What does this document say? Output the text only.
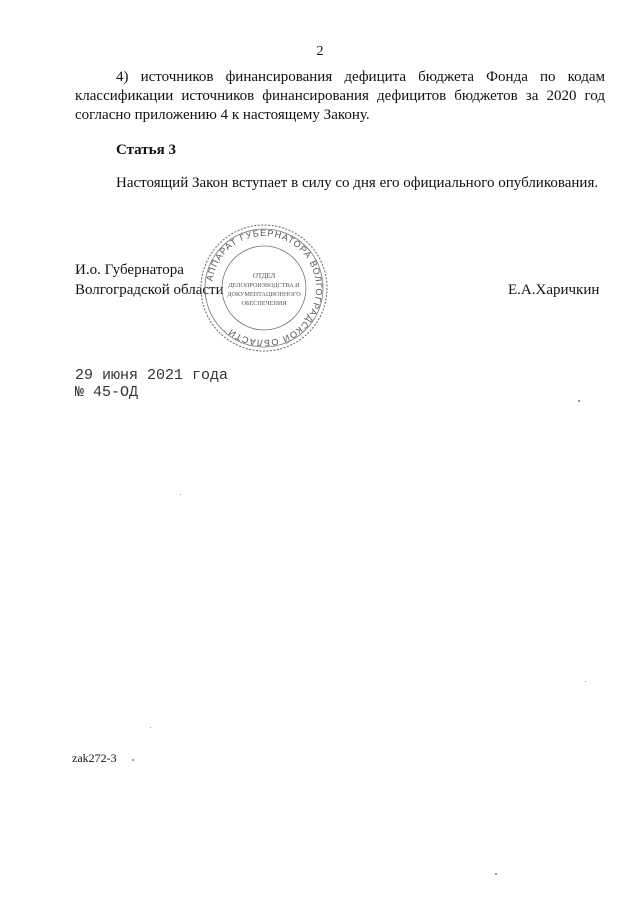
2
4) источников финансирования дефицита бюджета Фонда по кодам классификации источников финансирования дефицитов бюджетов за 2020 год согласно приложению 4 к настоящему Закону.
Статья 3
Настоящий Закон вступает в силу со дня его официального опубликования.
И.о. Губернатора
Волгоградской области	Е.А.Харичкин
АППАРАТ ГУБЕРНАТОРА ВОЛГОГРАДСКОЙ ОБЛАСТИ
ОТДЕЛ
ДЕЛОПРОИЗВОДСТВА И
ДОКУМЕНТАЦИОННОГО
ОБЕСПЕЧЕНИЯ
29 июня 2021 года
№ 45-ОД
zak272-3
